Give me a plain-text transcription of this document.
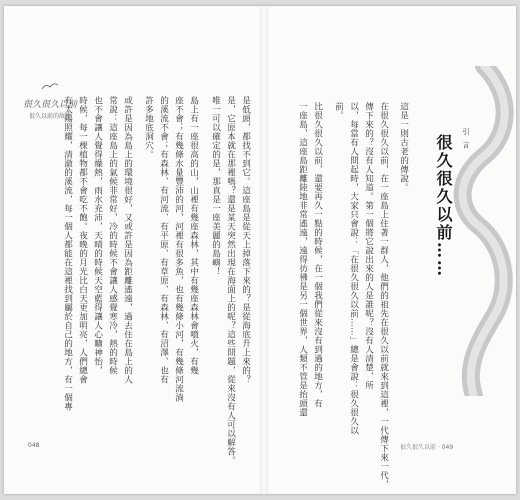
很久很久以前
很久以前的故事	是低頭，都找不到它。這座島是從天上掉落下來的？是從海底升上來的？
是，它原本就在那裡嗎？還是某天突然出現在海面上的呢？這些問題，從來沒有人可以解答。
唯一可以確定的是，那真是一座美麗的島嶼！
島上有一座很高的山，山裡有幾座森林，其中有幾座森林會噴火，有幾
座不會；有幾條水量豐沛的河，河裡有很多魚，也有幾條小河，有幾條河流淌
的溪流不會；有森林、有河流、有平原、有草原、有森林、有沼澤、也有
許多地底洞穴。
或許是因為島上的環境很好，又或許是因為距離遙遠，過去住在島上的人
常說：這座島上的氣候非常好，冷的時候不會讓人感覺寒冷，熱的時候
也不會讓人覺得燥熱，雨水充沛，天晴的時候天空藍得讓人心曠神怡，
時候，每一棵植物都不會吃不飽。夜晚的月光比白天更加明亮，人們總會
有太陽照耀，清澈的溪流，每一個人都能在這裡找到屬於自己的地方，有一個專
048
引 言
很久很久以前……
這是一則古老的傳說。
在很久很久以前，在一座島上住著一群人，他們的祖先在很久以前就來到這裡，一代傳下來一代，
傳下來的？沒有人知道。第一個將它說出來的人是誰呢？沒有人清楚，所
以，每當有人問起時，大家只會說：「在很久很久以前……」總是會說：很久很久以
前。
比很久很久以前，還要再久一點的時候，在一個我們從來沒有到過的地方，有
一座島，這座島距離陸地非常遙遠，遠得彷彿是另一個世界，人類不管是抬頭還
很久很久以前 · 049
